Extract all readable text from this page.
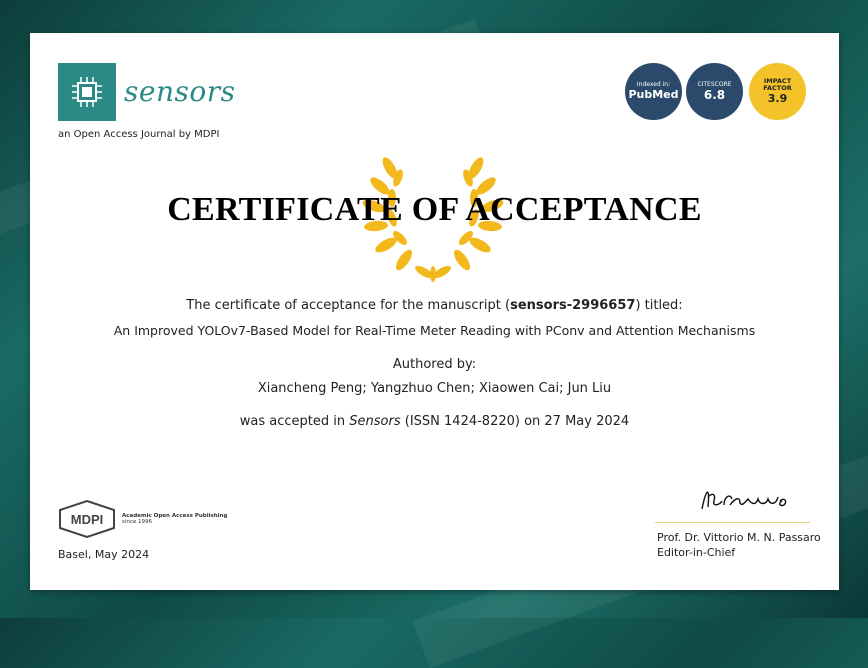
sensors
an Open Access Journal by MDPI
Indexed in:
PubMed
CITESCORE
6.8
IMPACT
FACTOR
3.9
CERTIFICATE OF ACCEPTANCE
The certificate of acceptance for the manuscript (sensors-2996657) titled:
An Improved YOLOv7-Based Model for Real-Time Meter Reading with PConv and Attention Mechanisms
Authored by:
Xiancheng Peng; Yangzhuo Chen; Xiaowen Cai; Jun Liu
was accepted in Sensors (ISSN 1424-8220) on 27 May 2024
MDPI	Academic Open Access Publishing
since 1996
Basel, May 2024
Prof. Dr. Vittorio M. N. Passaro
Editor-in-Chief
